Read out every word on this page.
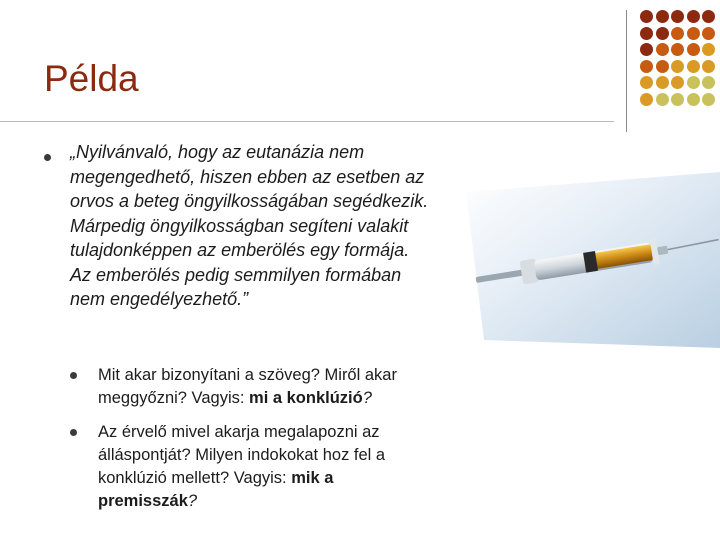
Példa
„Nyilvánvaló, hogy az eutanázia nem
megengedhető, hiszen ebben az esetben az
orvos a beteg öngyilkosságában segédkezik.
Márpedig öngyilkosságban segíteni valakit
tulajdonképpen az emberölés egy formája.
Az emberölés pedig semmilyen formában
nem engedélyezhető.”
Mit akar bizonyítani a szöveg? Miről akar
meggyőzni? Vagyis: mi a konklúzió?
Az érvelő mivel akarja megalapozni az
álláspontját? Milyen indokokat hoz fel a
konklúzió mellett? Vagyis: mik a
premisszák?
